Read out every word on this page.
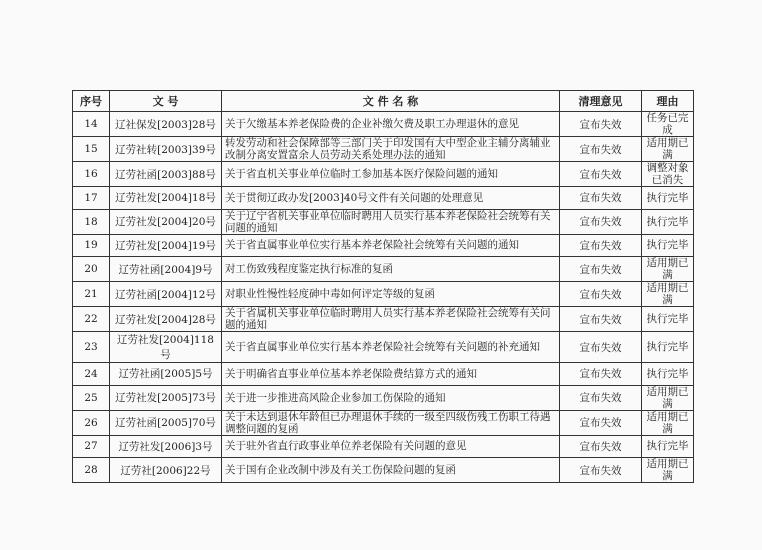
序号	文 号	文 件 名 称	清理意见	理由
14	辽社保发[2003]28号	关于欠缴基本养老保险费的企业补缴欠费及职工办理退休的意见	宣布失效	任务已完成
15	辽劳社转[2003]39号	转发劳动和社会保障部等三部门关于印发国有大中型企业主辅分离辅业改制分离安置富余人员劳动关系处理办法的通知	宣布失效	适用期已满
16	辽劳社函[2003]88号	关于省直机关事业单位临时工参加基本医疗保险问题的通知	宣布失效	调整对象已消失
17	辽劳社发[2004]18号	关于贯彻辽政办发[2003]40号文件有关问题的处理意见	宣布失效	执行完毕
18	辽劳社发[2004]20号	关于辽宁省机关事业单位临时聘用人员实行基本养老保险社会统筹有关问题的通知	宣布失效	执行完毕
19	辽劳社发[2004]19号	关于省直属事业单位实行基本养老保险社会统筹有关问题的通知	宣布失效	执行完毕
20	辽劳社函[2004]9号	对工伤致残程度鉴定执行标准的复函	宣布失效	适用期已满
21	辽劳社函[2004]12号	对职业性慢性轻度砷中毒如何评定等级的复函	宣布失效	适用期已满
22	辽劳社发[2004]28号	关于省属机关事业单位临时聘用人员实行基本养老保险社会统筹有关问题的通知	宣布失效	执行完毕
23	辽劳社发[2004]118号	关于省直属事业单位实行基本养老保险社会统筹有关问题的补充通知	宣布失效	执行完毕
24	辽劳社函[2005]5号	关于明确省直事业单位基本养老保险费结算方式的通知	宣布失效	执行完毕
25	辽劳社发[2005]73号	关于进一步推进高风险企业参加工伤保险的通知	宣布失效	适用期已满
26	辽劳社函[2005]70号	关于未达到退休年龄但已办理退休手续的一级至四级伤残工伤职工待遇调整问题的复函	宣布失效	适用期已满
27	辽劳社发[2006]3号	关于驻外省直行政事业单位养老保险有关问题的意见	宣布失效	执行完毕
28	辽劳社[2006]22号	关于国有企业改制中涉及有关工伤保险问题的复函	宣布失效	适用期已满
